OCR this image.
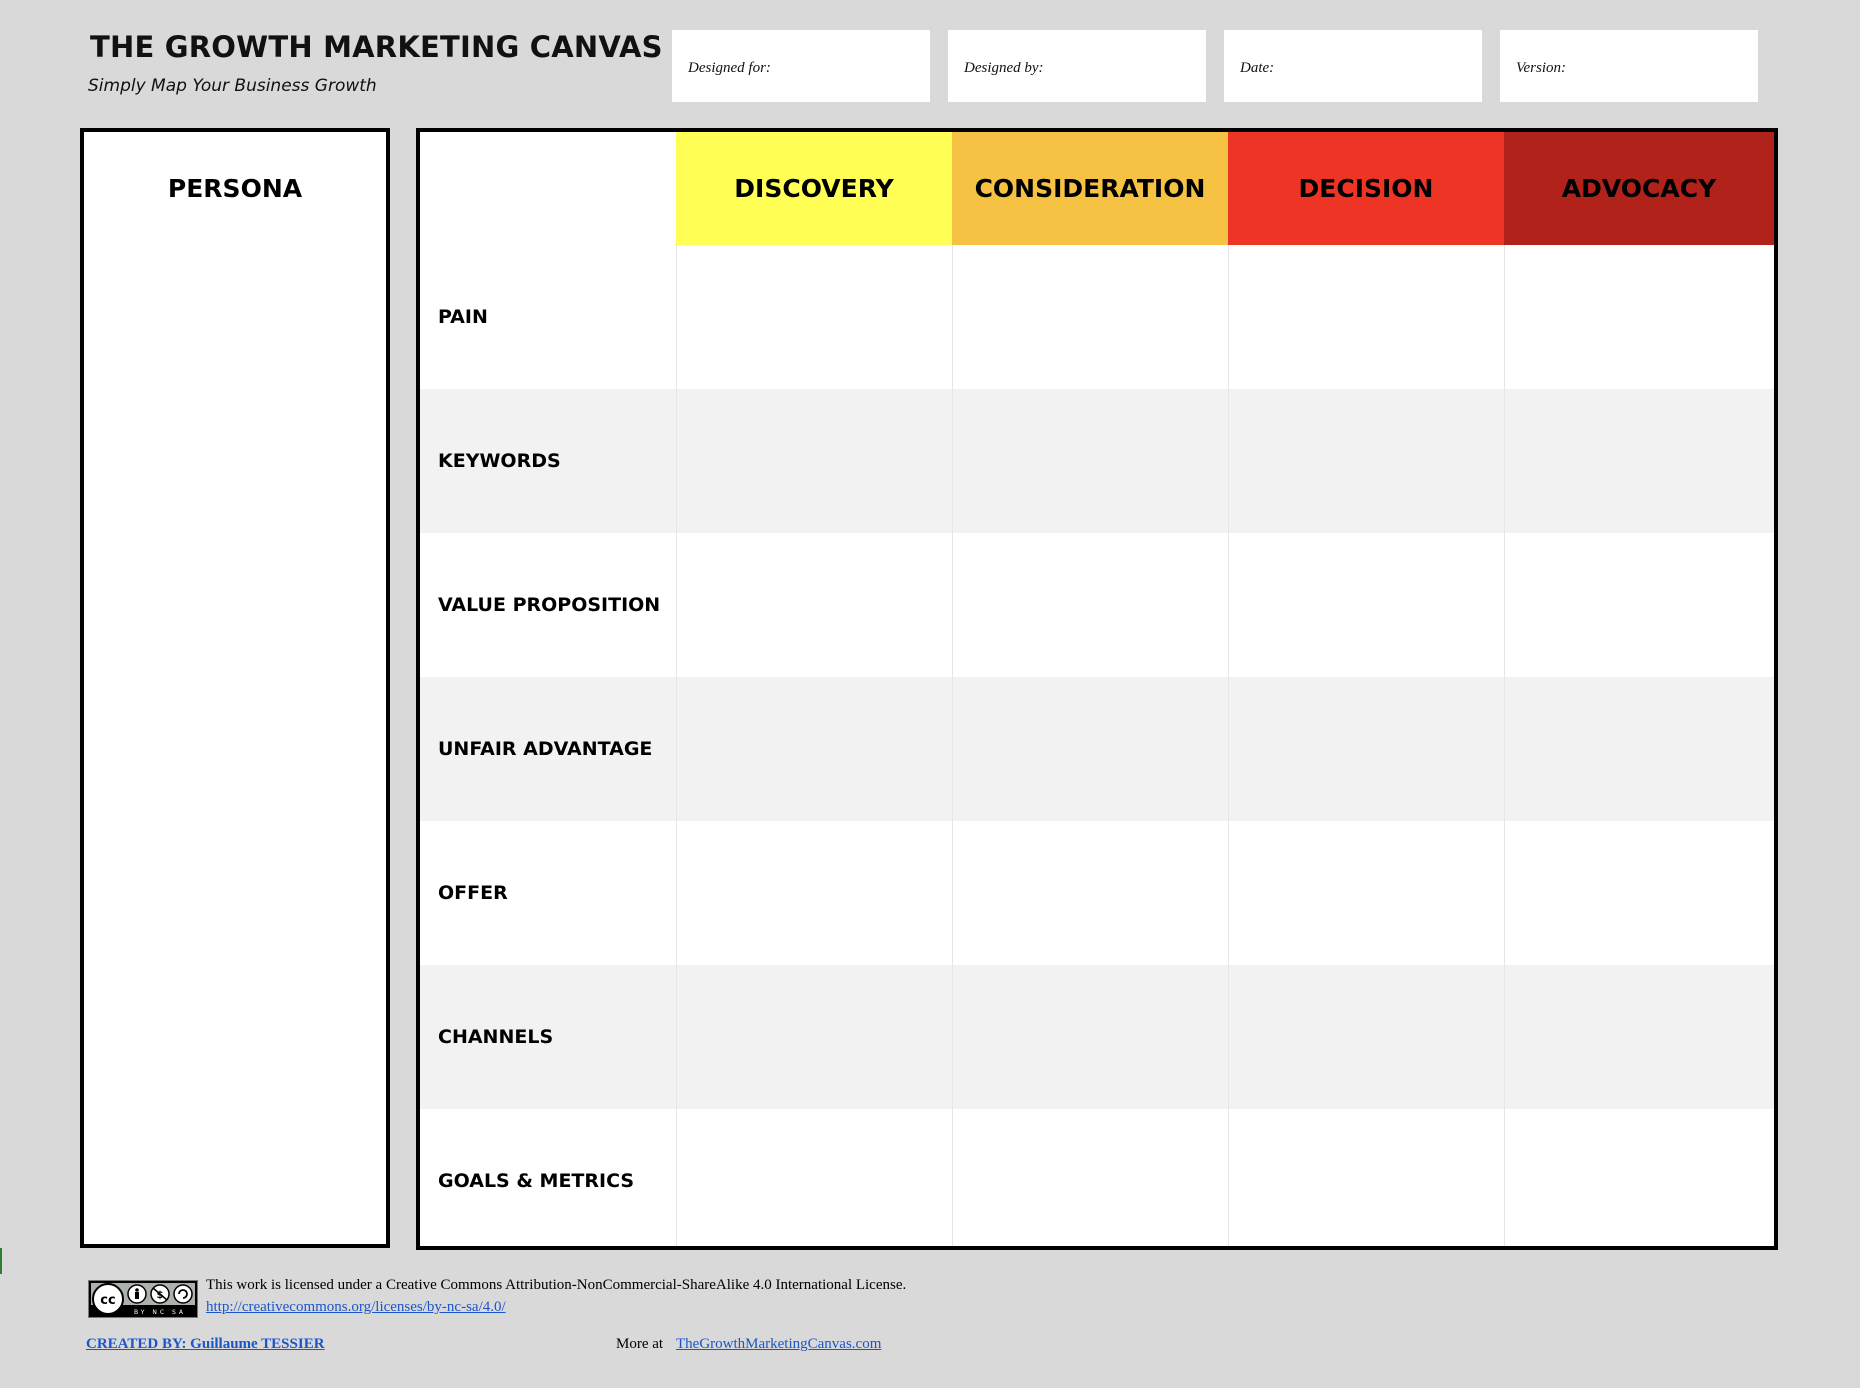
THE GROWTH MARKETING CANVAS
Simply Map Your Business Growth
Designed for:	Designed by:	Date:	Version:
PERSONA
PAIN
KEYWORDS
VALUE PROPOSITION
UNFAIR ADVANTAGE
OFFER
CHANNELS
GOALS & METRICS
DISCOVERY	CONSIDERATION	DECISION	ADVOCACY
cc	$
BY NC SA
This work is licensed under a Creative Commons Attribution-NonCommercial-ShareAlike 4.0 International License.
http://creativecommons.org/licenses/by-nc-sa/4.0/
CREATED BY: Guillaume TESSIER	More at TheGrowthMarketingCanvas.com
